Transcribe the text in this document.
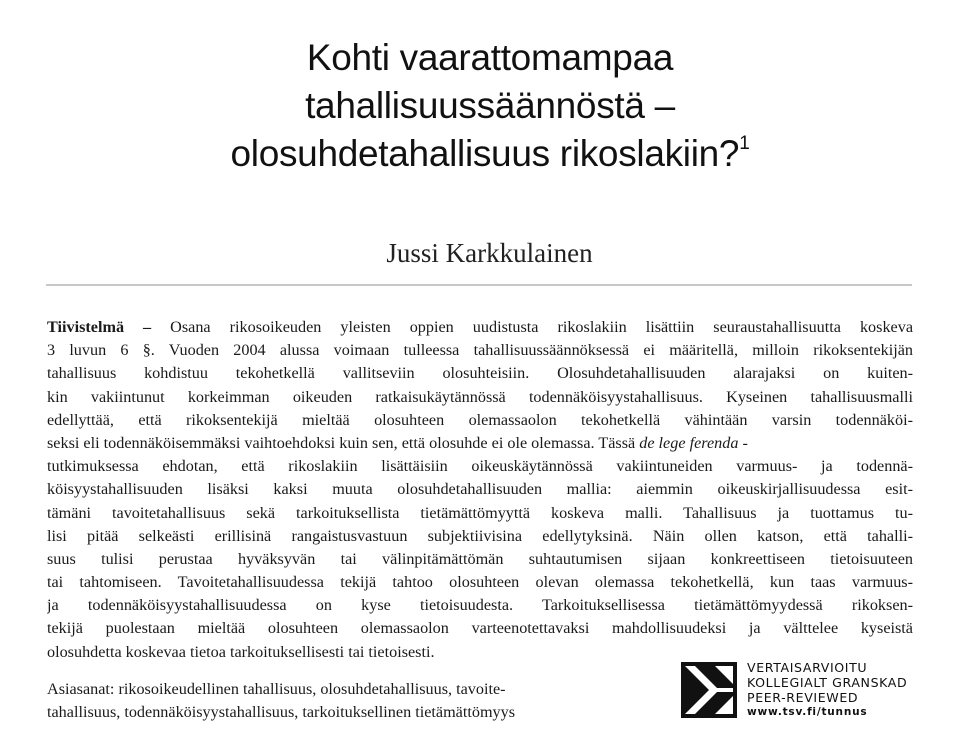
Kohti vaarattomampaa
tahallisuussäännöstä –
olosuhdetahallisuus rikoslakiin?$^1$
Jussi Karkkulainen
Tiivistelmä – Osana rikosoikeuden yleisten oppien uudistusta rikoslakiin lisättiin seuraustahallisuutta koskeva
3 luvun 6 §. Vuoden 2004 alussa voimaan tulleessa tahallisuussäännöksessä ei määritellä, milloin rikoksentekijän
tahallisuus kohdistuu tekohetkellä vallitseviin olosuhteisiin. Olosuhdetahallisuuden alarajaksi on kuiten-
kin vakiintunut korkeimman oikeuden ratkaisukäytännössä todennäköisyystahallisuus. Kyseinen tahallisuusmalli
edellyttää, että rikoksentekijä mieltää olosuhteen olemassaolon tekohetkellä vähintään varsin todennäköi-
seksi eli todennäköisemmäksi vaihtoehdoksi kuin sen, että olosuhde ei ole olemassa. Tässä de lege ferenda -
tutkimuksessa ehdotan, että rikoslakiin lisättäisiin oikeuskäytännössä vakiintuneiden varmuus- ja todennä-
köisyystahallisuuden lisäksi kaksi muuta olosuhdetahallisuuden mallia: aiemmin oikeuskirjallisuudessa esit-
tämäni tavoitetahallisuus sekä tarkoituksellista tietämättömyyttä koskeva malli. Tahallisuus ja tuottamus tu-
lisi pitää selkeästi erillisinä rangaistusvastuun subjektiivisina edellytyksinä. Näin ollen katson, että tahalli-
suus tulisi perustaa hyväksyvän tai välinpitämättömän suhtautumisen sijaan konkreettiseen tietoisuuteen
tai tahtomiseen. Tavoitetahallisuudessa tekijä tahtoo olosuhteen olevan olemassa tekohetkellä, kun taas varmuus-
ja todennäköisyystahallisuudessa on kyse tietoisuudesta. Tarkoituksellisessa tietämättömyydessä rikoksen-
tekijä puolestaan mieltää olosuhteen olemassaolon varteenotettavaksi mahdollisuudeksi ja välttelee kyseistä
olosuhdetta koskevaa tietoa tarkoituksellisesti tai tietoisesti.
Asiasanat: rikosoikeudellinen tahallisuus, olosuhdetahallisuus, tavoite-
tahallisuus, todennäköisyystahallisuus, tarkoituksellinen tietämättömyys
VERTAISARVIOITU
KOLLEGIALT GRANSKAD
PEER-REVIEWED
www.tsv.fi/tunnus
